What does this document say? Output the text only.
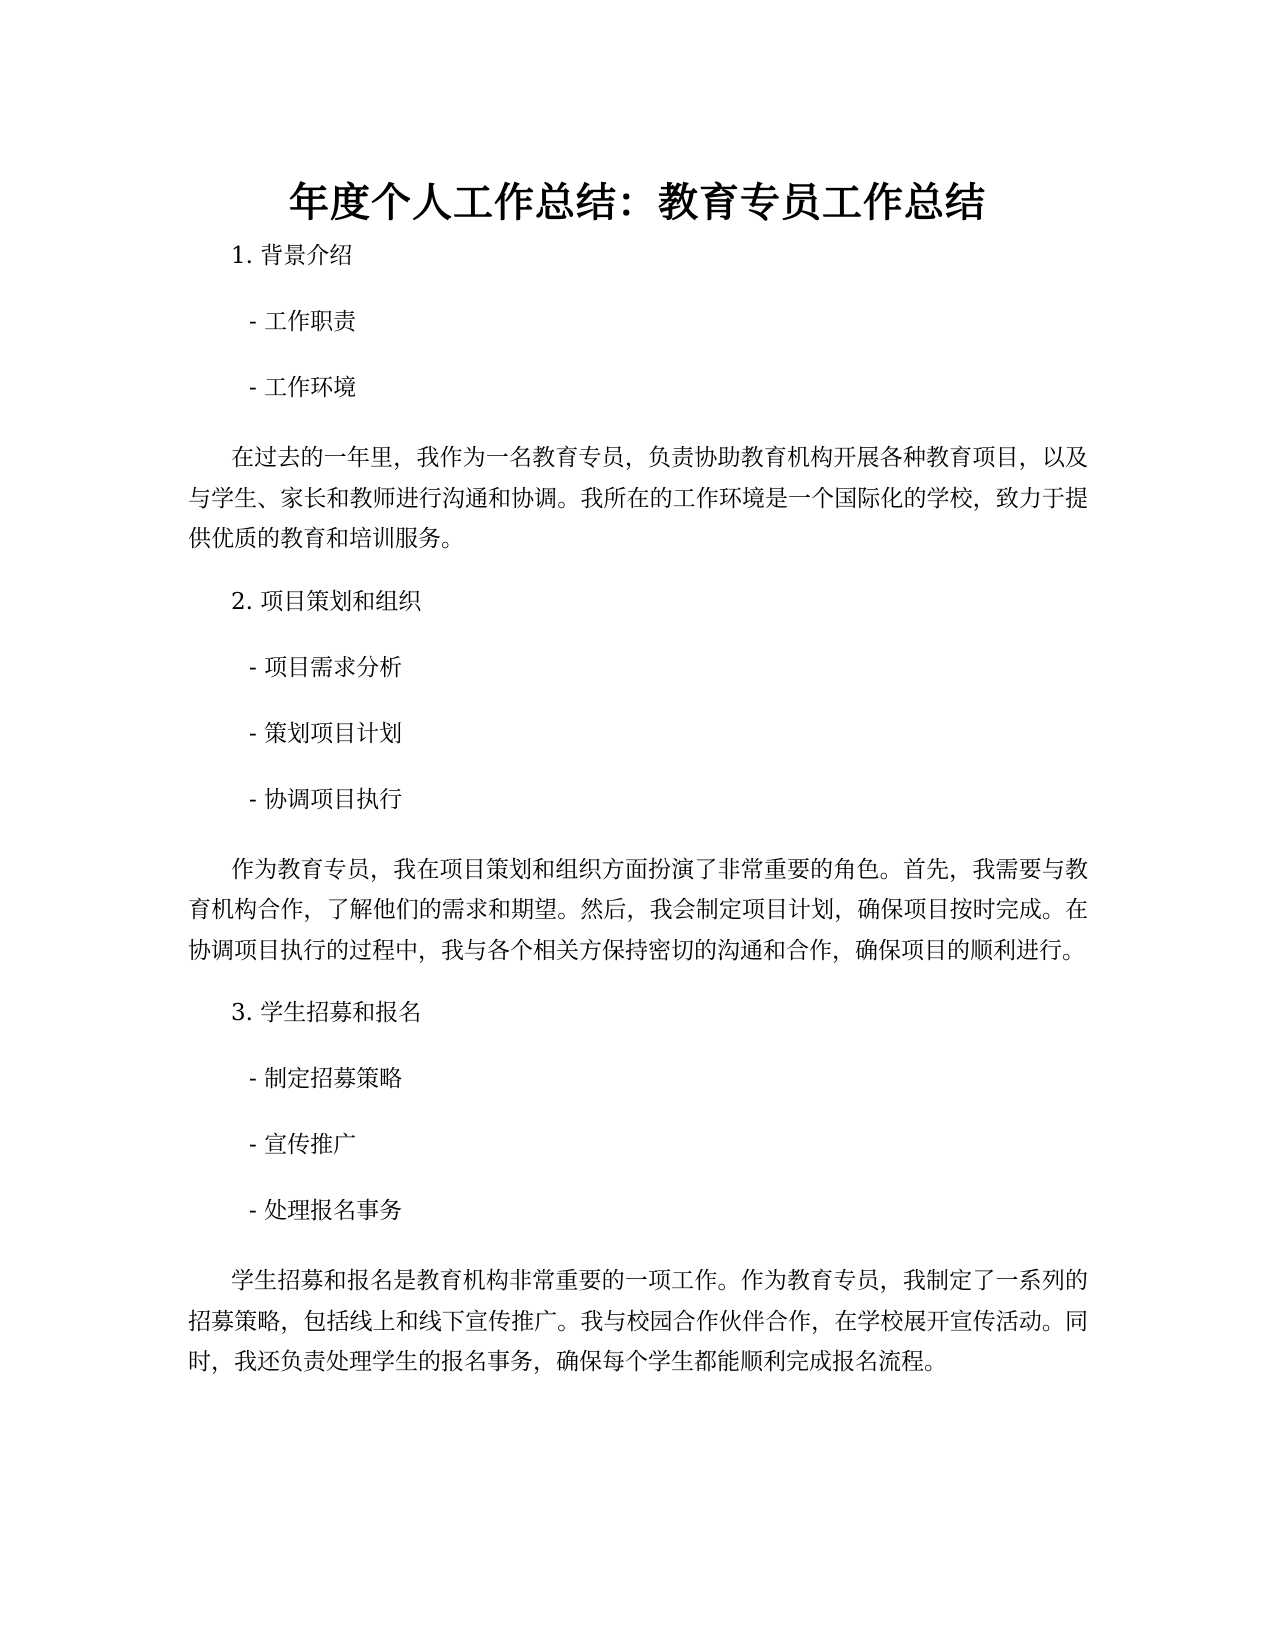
年度个人工作总结：教育专员工作总结
1. 背景介绍
- 工作职责
- 工作环境

在过去的一年里，我作为一名教育专员，负责协助教育机构开展各种教育项目，以及与学生、家长和教师进行沟通和协调。我所在的工作环境是一个国际化的学校，致力于提供优质的教育和培训服务。

2. 项目策划和组织
- 项目需求分析
- 策划项目计划
- 协调项目执行

作为教育专员，我在项目策划和组织方面扮演了非常重要的角色。首先，我需要与教育机构合作，了解他们的需求和期望。然后，我会制定项目计划，确保项目按时完成。在协调项目执行的过程中，我与各个相关方保持密切的沟通和合作，确保项目的顺利进行。

3. 学生招募和报名
- 制定招募策略
- 宣传推广
- 处理报名事务

学生招募和报名是教育机构非常重要的一项工作。作为教育专员，我制定了一系列的招募策略，包括线上和线下宣传推广。我与校园合作伙伴合作，在学校展开宣传活动。同时，我还负责处理学生的报名事务，确保每个学生都能顺利完成报名流程。
